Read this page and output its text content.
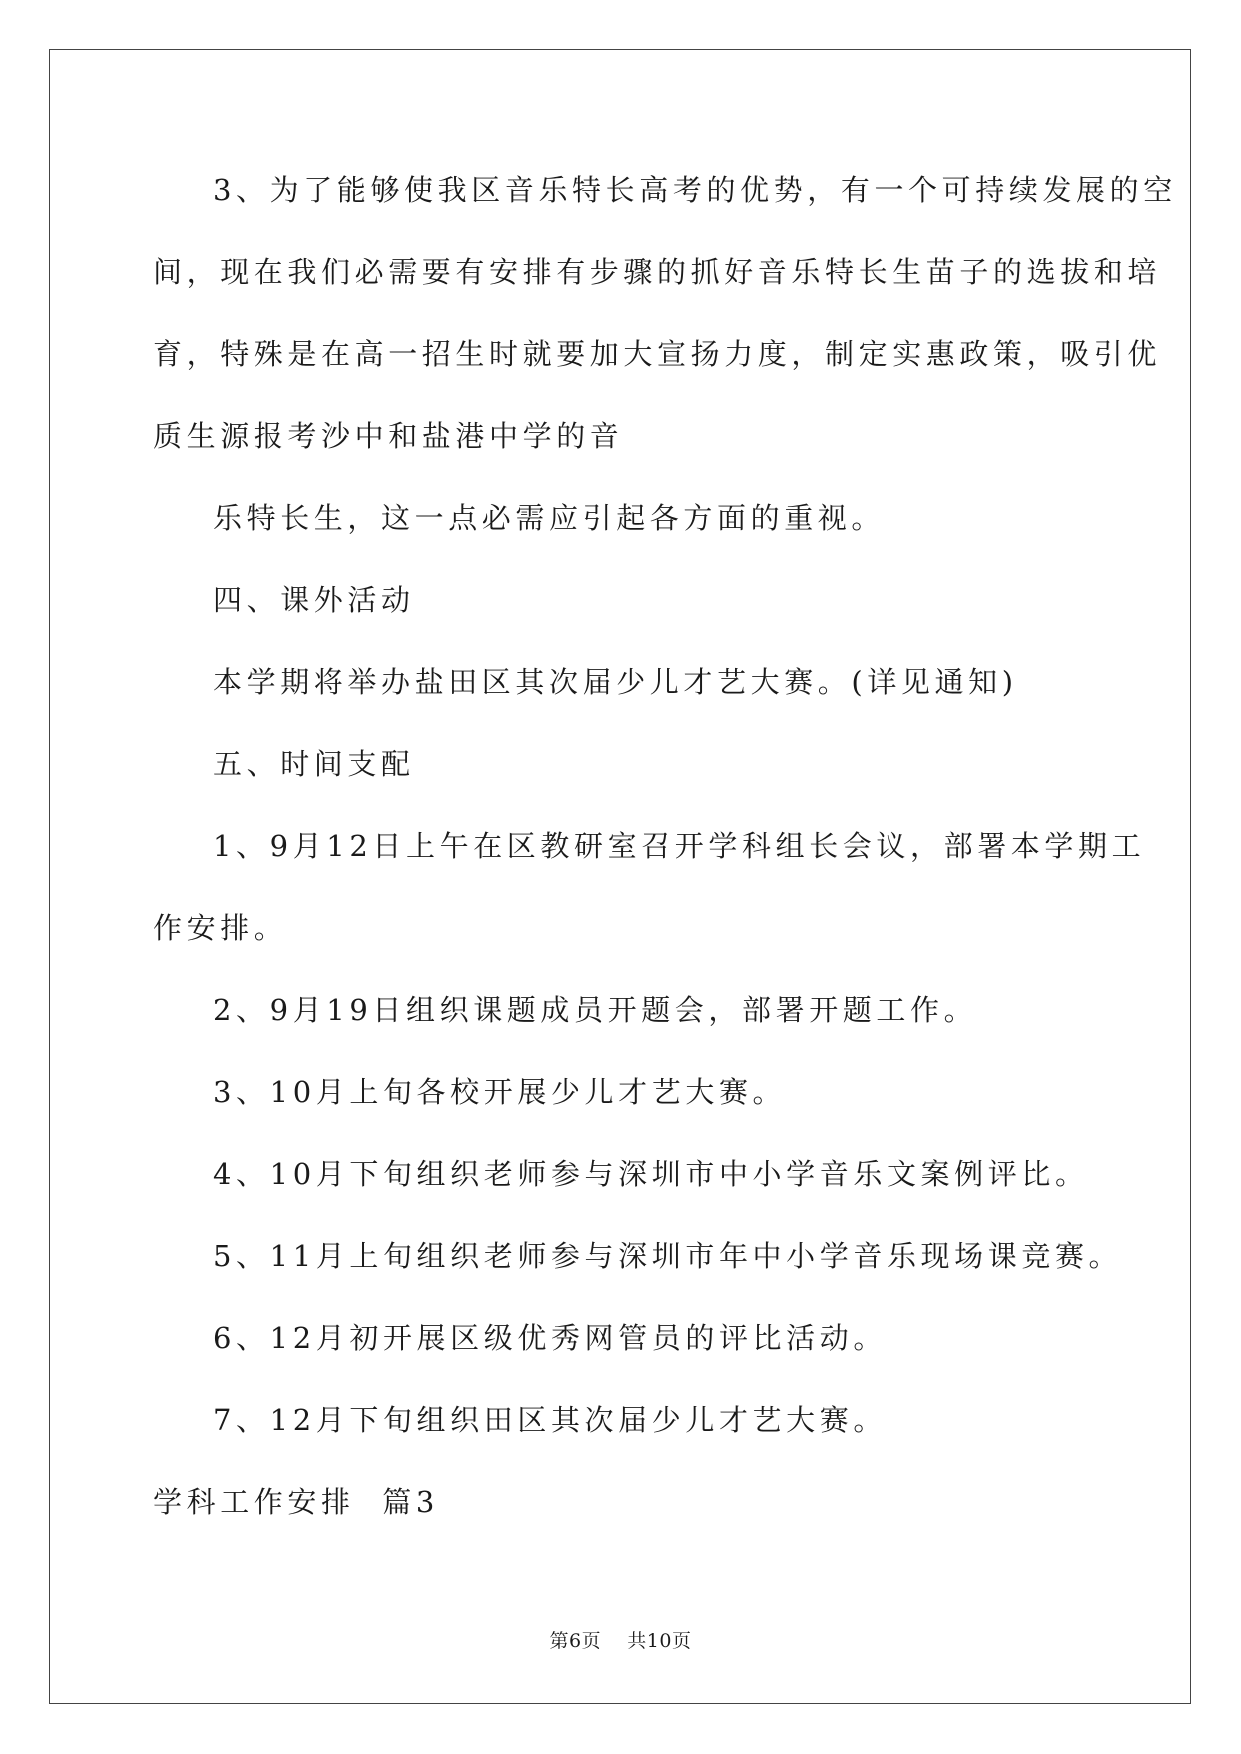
3、为了能够使我区音乐特长高考的优势，有一个可持续发展的空
间，现在我们必需要有安排有步骤的抓好音乐特长生苗子的选拔和培
育，特殊是在高一招生时就要加大宣扬力度，制定实惠政策，吸引优
质生源报考沙中和盐港中学的音
乐特长生，这一点必需应引起各方面的重视。
四、课外活动
本学期将举办盐田区其次届少儿才艺大赛。(详见通知)
五、时间支配
1、9月12日上午在区教研室召开学科组长会议，部署本学期工
作安排。
2、9月19日组织课题成员开题会，部署开题工作。
3、10月上旬各校开展少儿才艺大赛。
4、10月下旬组织老师参与深圳市中小学音乐文案例评比。
5、11月上旬组织老师参与深圳市年中小学音乐现场课竞赛。
6、12月初开展区级优秀网管员的评比活动。
7、12月下旬组织田区其次届少儿才艺大赛。
学科工作安排  篇3
第6页    共10页
